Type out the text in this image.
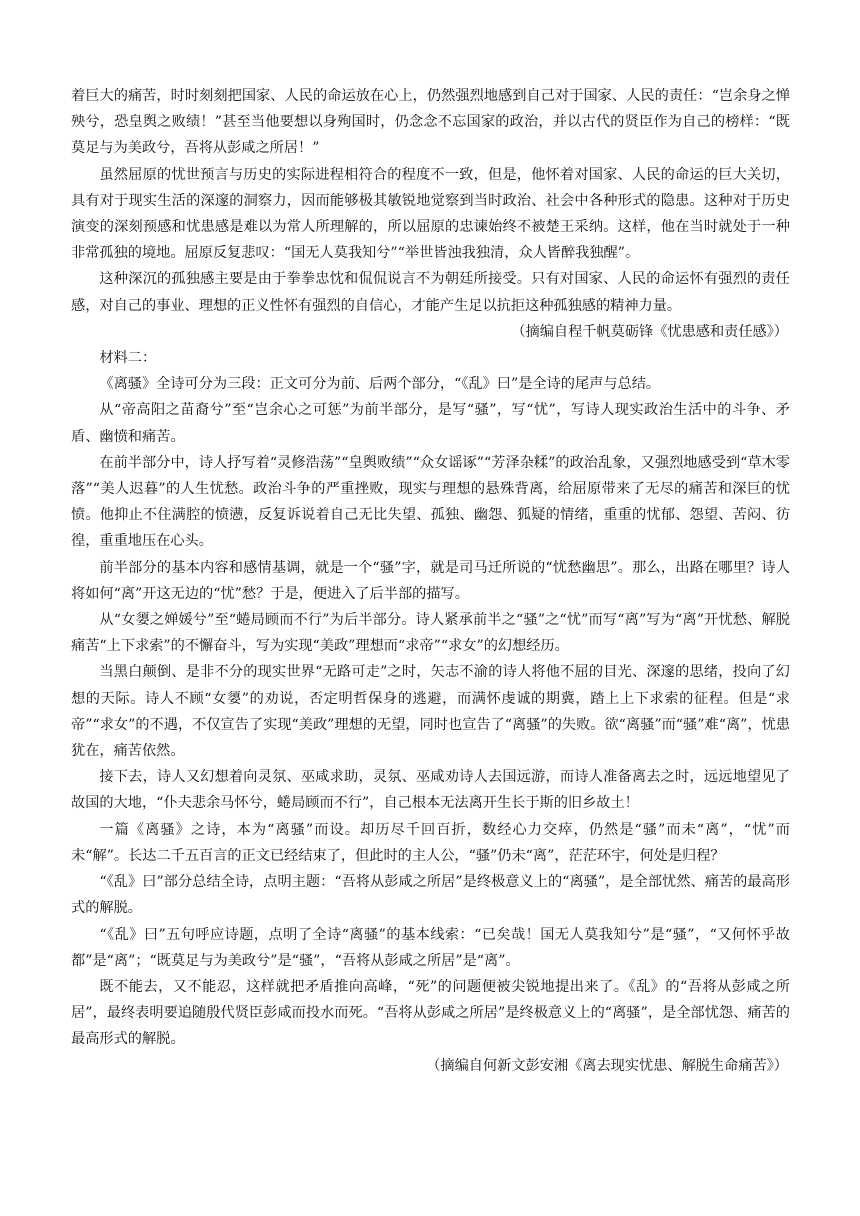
着巨大的痛苦，时时刻刻把国家、人民的命运放在心上，仍然强烈地感到自己对于国家、人民的责任：“岂余身之惮殃兮，恐皇舆之败绩！”甚至当他要想以身殉国时，仍念念不忘国家的政治，并以古代的贤臣作为自己的榜样：“既莫足与为美政兮，吾将从彭咸之所居！”

虽然屈原的忧世预言与历史的实际进程相符合的程度不一致，但是，他怀着对国家、人民的命运的巨大关切，具有对于现实生活的深邃的洞察力，因而能够极其敏锐地觉察到当时政治、社会中各种形式的隐患。这种对于历史演变的深刻预感和忧患感是难以为常人所理解的，所以屈原的忠谏始终不被楚王采纳。这样，他在当时就处于一种非常孤独的境地。屈原反复悲叹：“国无人莫我知兮”“举世皆浊我独清，众人皆醉我独醒”。

这种深沉的孤独感主要是由于拳拳忠忱和侃侃说言不为朝廷所接受。只有对国家、人民的命运怀有强烈的责任感，对自己的事业、理想的正义性怀有强烈的自信心，才能产生足以抗拒这种孤独感的精神力量。

（摘编自程千帆莫砺锋《忧患感和责任感》）

材料二：

《离骚》全诗可分为三段：正文可分为前、后两个部分，“《乱》曰”是全诗的尾声与总结。

从“帝高阳之苗裔兮”至“岂余心之可惩”为前半部分，是写“骚”，写“忧”，写诗人现实政治生活中的斗争、矛盾、幽愤和痛苦。

在前半部分中，诗人抒写着“灵修浩荡”“皇舆败绩”“众女谣诼”“芳泽杂糅”的政治乱象，又强烈地感受到“草木零落”“美人迟暮”的人生忧愁。政治斗争的严重挫败，现实与理想的悬殊背离，给屈原带来了无尽的痛苦和深巨的忧愤。他抑止不住满腔的愤懑，反复诉说着自己无比失望、孤独、幽怨、狐疑的情绪，重重的忧郁、怨望、苦闷、彷徨，重重地压在心头。

前半部分的基本内容和感情基调，就是一个“骚”字，就是司马迁所说的“忧愁幽思”。那么，出路在哪里？诗人将如何“离”开这无边的“忧”愁？于是，便进入了后半部的描写。

从“女嬃之婵媛兮”至“蜷局顾而不行”为后半部分。诗人紧承前半之“骚”之“忧”而写“离”写为“离”开忧愁、解脱痛苦“上下求索”的不懈奋斗，写为实现“美政”理想而“求帝”“求女”的幻想经历。

当黑白颠倒、是非不分的现实世界“无路可走”之时，矢志不渝的诗人将他不屈的目光、深邃的思绪，投向了幻想的天际。诗人不顾“女嬃”的劝说，否定明哲保身的逃避，而满怀虔诚的期冀，踏上上下求索的征程。但是“求帝”“求女”的不遇，不仅宣告了实现“美政”理想的无望，同时也宣告了“离骚”的失败。欲“离骚”而“骚”难“离”，忧患犹在，痛苦依然。

接下去，诗人又幻想着向灵氛、巫咸求助，灵氛、巫咸劝诗人去国远游，而诗人准备离去之时，远远地望见了故国的大地，“仆夫悲余马怀兮，蜷局顾而不行”，自己根本无法离开生长于斯的旧乡故土！

一篇《离骚》之诗，本为“离骚”而设。却历尽千回百折，数经心力交瘁，仍然是“骚”而未“离”，“忧”而未“解”。长达二千五百言的正文已经结束了，但此时的主人公，“骚”仍未“离”，茫茫环宇，何处是归程？

“《乱》曰”部分总结全诗，点明主题：“吾将从彭咸之所居”是终极意义上的“离骚”，是全部忧然、痛苦的最高形式的解脱。

“《乱》曰”五句呼应诗题，点明了全诗“离骚”的基本线索：“已矣哉！国无人莫我知兮”是“骚”，“又何怀乎故都”是“离”；“既莫足与为美政兮”是“骚”，“吾将从彭咸之所居”是“离”。

既不能去，又不能忍，这样就把矛盾推向高峰，“死”的问题便被尖锐地提出来了。《乱》的“吾将从彭咸之所居”，最终表明要追随殷代贤臣彭咸而投水而死。“吾将从彭咸之所居”是终极意义上的“离骚”，是全部忧怨、痛苦的最高形式的解脱。

（摘编自何新文彭安湘《离去现实忧患、解脱生命痛苦》）
